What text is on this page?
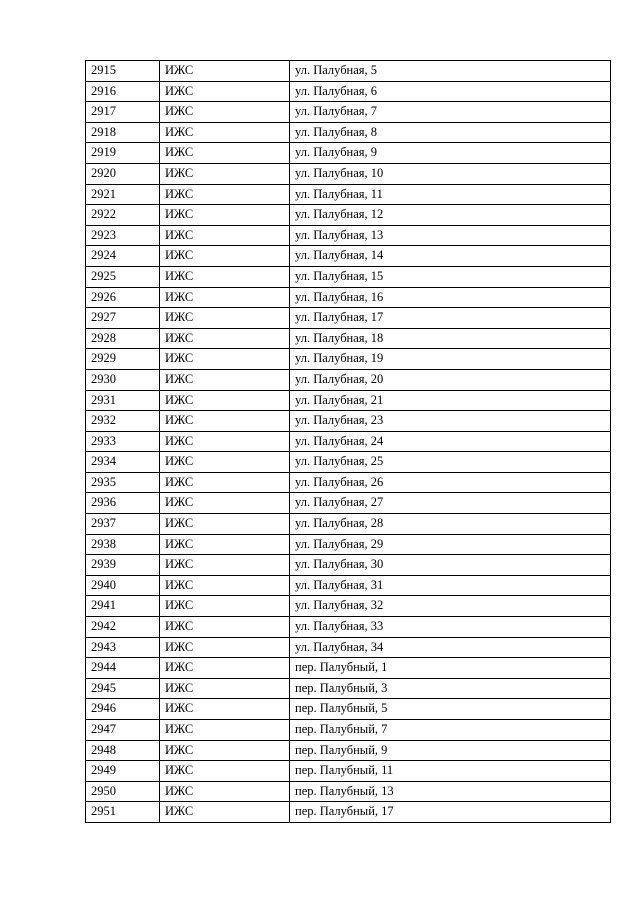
2915	ИЖС	ул. Палубная, 5
2916	ИЖС	ул. Палубная, 6
2917	ИЖС	ул. Палубная, 7
2918	ИЖС	ул. Палубная, 8
2919	ИЖС	ул. Палубная, 9
2920	ИЖС	ул. Палубная, 10
2921	ИЖС	ул. Палубная, 11
2922	ИЖС	ул. Палубная, 12
2923	ИЖС	ул. Палубная, 13
2924	ИЖС	ул. Палубная, 14
2925	ИЖС	ул. Палубная, 15
2926	ИЖС	ул. Палубная, 16
2927	ИЖС	ул. Палубная, 17
2928	ИЖС	ул. Палубная, 18
2929	ИЖС	ул. Палубная, 19
2930	ИЖС	ул. Палубная, 20
2931	ИЖС	ул. Палубная, 21
2932	ИЖС	ул. Палубная, 23
2933	ИЖС	ул. Палубная, 24
2934	ИЖС	ул. Палубная, 25
2935	ИЖС	ул. Палубная, 26
2936	ИЖС	ул. Палубная, 27
2937	ИЖС	ул. Палубная, 28
2938	ИЖС	ул. Палубная, 29
2939	ИЖС	ул. Палубная, 30
2940	ИЖС	ул. Палубная, 31
2941	ИЖС	ул. Палубная, 32
2942	ИЖС	ул. Палубная, 33
2943	ИЖС	ул. Палубная, 34
2944	ИЖС	пер. Палубный, 1
2945	ИЖС	пер. Палубный, 3
2946	ИЖС	пер. Палубный, 5
2947	ИЖС	пер. Палубный, 7
2948	ИЖС	пер. Палубный, 9
2949	ИЖС	пер. Палубный, 11
2950	ИЖС	пер. Палубный, 13
2951	ИЖС	пер. Палубный, 17
